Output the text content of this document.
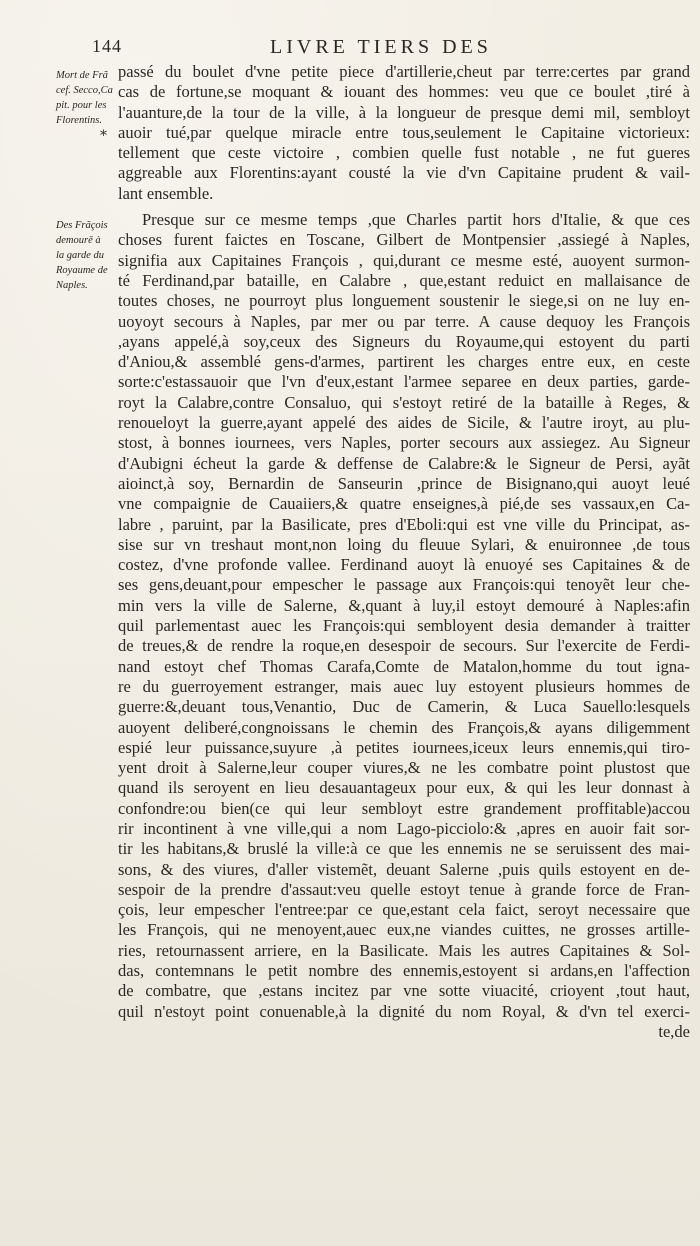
144	LIVRE TIERS DES
Mort de Frã
cef. Secco,Ca
pit. pour les
Florentins.
*
Des Frãçois
demourē à
la garde du
Royaume de
Naples.
passé du boulet d'vne petite piece d'artillerie,cheut par terre:certes par grand
cas de fortune,se moquant & iouant des hommes: veu que ce boulet ,tiré à
l'auanture,de la tour de la ville, à la longueur de presque demi mil, sembloyt
auoir tué,par quelque miracle entre tous,seulement le Capitaine victorieux:
tellement que ceste victoire , combien quelle fust notable , ne fut gueres
aggreable aux Florentins:ayant cousté la vie d'vn Capitaine prudent & vail-
lant ensemble.
Presque sur ce mesme temps ,que Charles partit hors d'Italie, & que ces
choses furent faictes en Toscane, Gilbert de Montpensier ,assiegé à Naples,
signifia aux Capitaines François , qui,durant ce mesme esté, auoyent surmon-
té Ferdinand,par bataille, en Calabre , que,estant reduict en mallaisance de
toutes choses, ne pourroyt plus longuement soustenir le siege,si on ne luy en-
uoyoyt secours à Naples, par mer ou par terre. A cause dequoy les François
,ayans appelé,à soy,ceux des Signeurs du Royaume,qui estoyent du parti
d'Aniou,& assemblé gens-d'armes, partirent les charges entre eux, en ceste
sorte:c'estassauoir que l'vn d'eux,estant l'armee separee en deux parties, garde-
royt la Calabre,contre Consaluo, qui s'estoyt retiré de la bataille à Reges, &
renoueloyt la guerre,ayant appelé des aides de Sicile, & l'autre iroyt, au plu-
stost, à bonnes iournees, vers Naples, porter secours aux assiegez. Au Signeur
d'Aubigni écheut la garde & deffense de Calabre:& le Signeur de Persi, ayãt
aioinct,à soy, Bernardin de Sanseurin ,prince de Bisignano,qui auoyt leué
vne compaignie de Cauaiiers,& quatre enseignes,à pié,de ses vassaux,en Ca-
labre , paruint, par la Basilicate, pres d'Eboli:qui est vne ville du Principat, as-
sise sur vn treshaut mont,non loing du fleuue Sylari, & enuironnee ,de tous
costez, d'vne profonde vallee. Ferdinand auoyt là enuoyé ses Capitaines & de
ses gens,deuant,pour empescher le passage aux François:qui tenoyẽt leur che-
min vers la ville de Salerne, &,quant à luy,il estoyt demouré à Naples:afin
quil parlementast auec les François:qui sembloyent desia demander à traitter
de treues,& de rendre la roque,en desespoir de secours. Sur l'exercite de Ferdi-
nand estoyt chef Thomas Carafa,Comte de Matalon,homme du tout igna-
re du guerroyement estranger, mais auec luy estoyent plusieurs hommes de
guerre:&,deuant tous,Venantio, Duc de Camerin, & Luca Sauello:lesquels
auoyent deliberé,congnoissans le chemin des François,& ayans diligemment
espié leur puissance,suyure ,à petites iournees,iceux leurs ennemis,qui tiro-
yent droit à Salerne,leur couper viures,& ne les combatre point plustost que
quand ils seroyent en lieu desauantageux pour eux, & qui les leur donnast à
confondre:ou bien(ce qui leur sembloyt estre grandement proffitable)accou
rir incontinent à vne ville,qui a nom Lago-picciolo:& ,apres en auoir fait sor-
tir les habitans,& bruslé la ville:à ce que les ennemis ne se seruissent des mai-
sons, & des viures, d'aller vistemẽt, deuant Salerne ,puis quils estoyent en de-
sespoir de la prendre d'assaut:veu quelle estoyt tenue à grande force de Fran-
çois, leur empescher l'entree:par ce que,estant cela faict, seroyt necessaire que
les François, qui ne menoyent,auec eux,ne viandes cuittes, ne grosses artille-
ries, retournassent arriere, en la Basilicate. Mais les autres Capitaines & Sol-
das, contemnans le petit nombre des ennemis,estoyent si ardans,en l'affection
de combatre, que ,estans incitez par vne sotte viuacité, crioyent ,tout haut,
quil n'estoyt point conuenable,à la dignité du nom Royal, & d'vn tel exerci-
te,de
